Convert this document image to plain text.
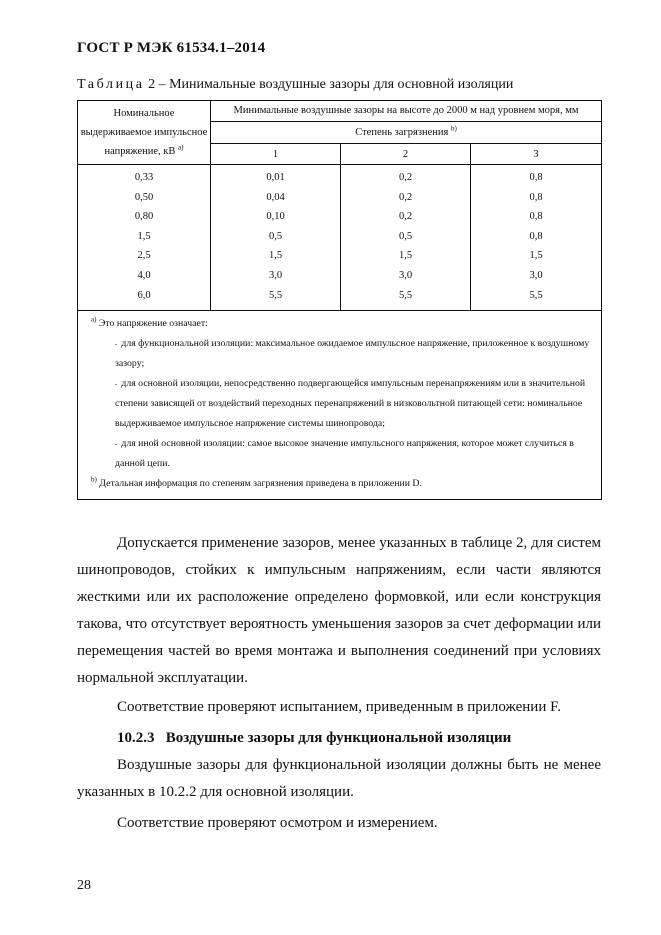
ГОСТ Р МЭК 61534.1–2014
Таблица 2 – Минимальные воздушные зазоры для основной изоляции
Номинальное выдерживаемое импульсное напряжение, кВ $^{a)}$	Минимальные воздушные зазоры на высоте до 2000 м над уровнем моря, мм		
	Степень загрязнения $^{b)}$
	1	2	3
0,33	0,01	0,2	0,8
0,50	0,04	0,2	0,8
0,80	0,10	0,2	0,8
1,5	0,5	0,5	0,8
2,5	1,5	1,5	1,5
4,0	3,0	3,0	3,0
6,0	5,5	5,5	5,5

$^{a)}$ Это напряжение означает:
- для функциональной изоляции: максимальное ожидаемое импульсное напряжение, приложенное к воздушному зазору;
- для основной изоляции, непосредственно подвергающейся импульсным перенапряжениям или в значительной степени зависящей от воздействий переходных перенапряжений в низковольтной питающей сети: номинальное выдерживаемое импульсное напряжение системы шинопровода;
- для иной основной изоляции: самое высокое значение импульсного напряжения, которое может случиться в данной цепи.
$^{b)}$ Детальная информация по степеням загрязнения приведена в приложении D.			

Допускается применение зазоров, менее указанных в таблице 2, для систем шинопроводов, стойких к импульсным напряжениям, если части являются жесткими или их расположение определено формовкой, или если конструкция такова, что отсутствует вероятность уменьшения зазоров за счет деформации или перемещения частей во время монтажа и выполнения соединений при условиях нормальной эксплуатации.

Соответствие проверяют испытанием, приведенным в приложении F.

10.2.3 Воздушные зазоры для функциональной изоляции

Воздушные зазоры для функциональной изоляции должны быть не менее указанных в 10.2.2 для основной изоляции.

Соответствие проверяют осмотром и измерением.

28
